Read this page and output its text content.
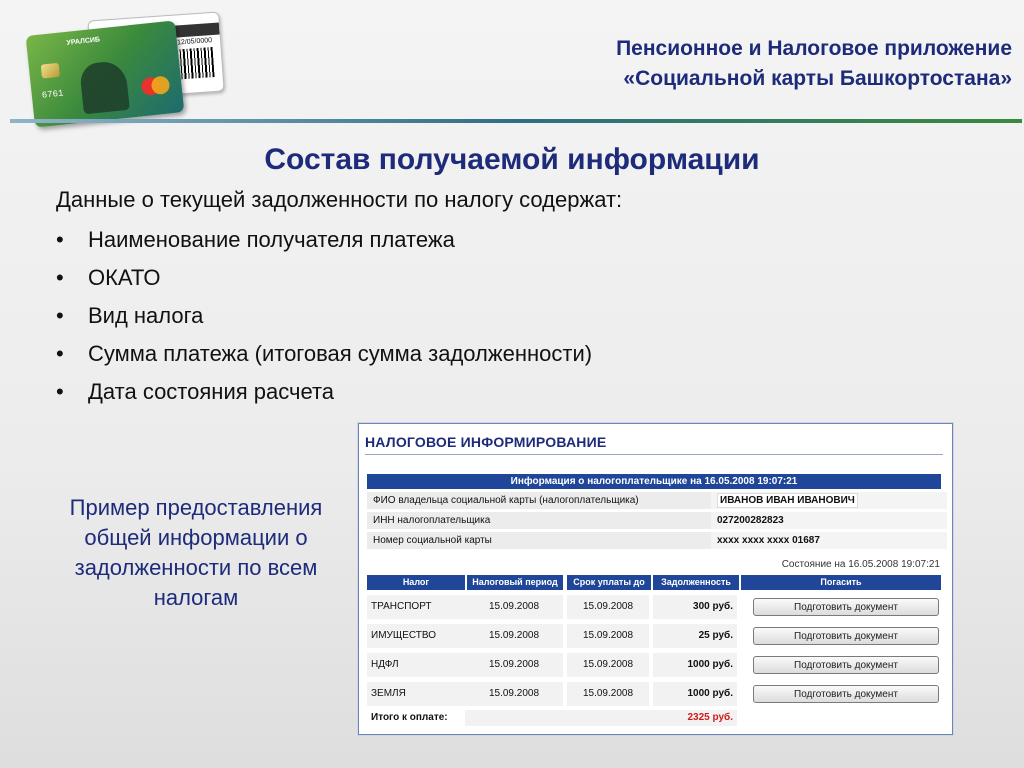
12/05/0000
УРАЛСИБ
6761
Пенсионное и Налоговое приложение
«Социальной карты Башкортостана»
Состав получаемой информации
Данные о текущей задолженности по налогу содержат:
• Наименование получателя платежа
• ОКАТО
• Вид налога
• Сумма платежа (итоговая сумма задолженности)
• Дата состояния расчета
Пример предоставления общей информации о задолженности по всем налогам
НАЛОГОВОЕ ИНФОРМИРОВАНИЕ
Информация о налогоплательщике на 16.05.2008 19:07:21
ФИО владельца социальной карты (налогоплательщика)	ИВАНОВ ИВАН ИВАНОВИЧ
ИНН налогоплательщика	027200282823
Номер социальной карты	xxxx xxxx xxxx 01687
Состояние на 16.05.2008 19:07:21
Налог	Налоговый период	Срок уплаты до	Задолженность	Погасить
ТРАНСПОРТ	15.09.2008	15.09.2008	300 руб.	Подготовить документ
ИМУЩЕСТВО	15.09.2008	15.09.2008	25 руб.	Подготовить документ
НДФЛ	15.09.2008	15.09.2008	1000 руб.	Подготовить документ
ЗЕМЛЯ	15.09.2008	15.09.2008	1000 руб.	Подготовить документ
Итого к оплате:	2325 руб.
